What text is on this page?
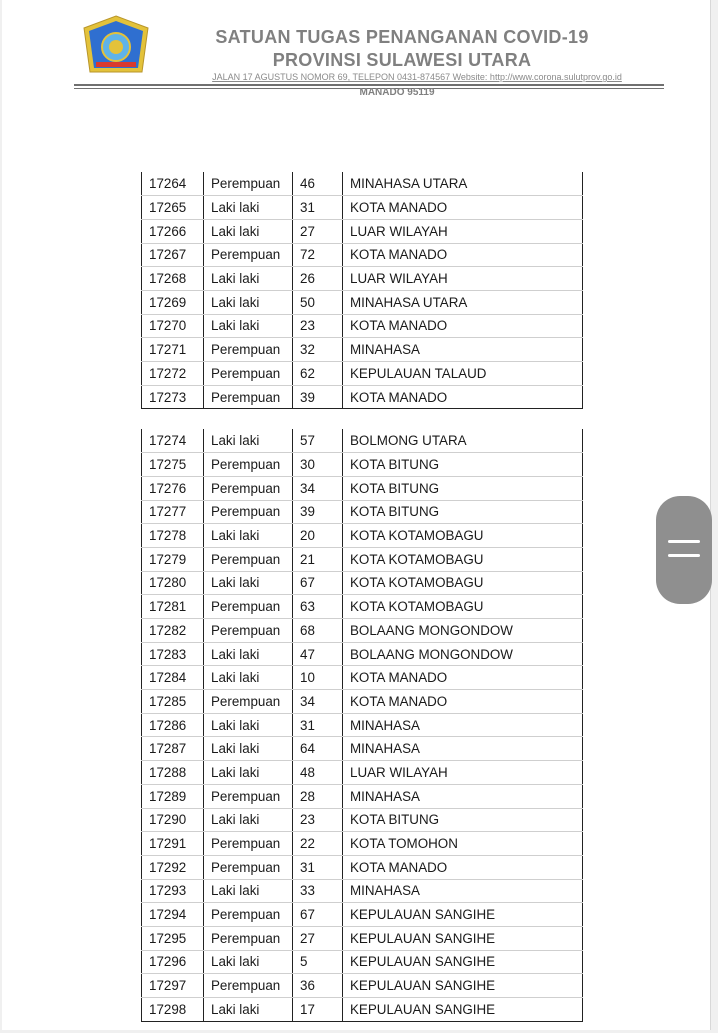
SATUAN TUGAS PENANGANAN COVID-19
PROVINSI SULAWESI UTARA
JALAN 17 AGUSTUS NOMOR 69, TELEPON 0431-874567 Website: http://www.corona.sulutprov.go.id
MANADO 95119
17264	Perempuan	46	MINAHASA UTARA
17265	Laki laki	31	KOTA MANADO
17266	Laki laki	27	LUAR WILAYAH
17267	Perempuan	72	KOTA MANADO
17268	Laki laki	26	LUAR WILAYAH
17269	Laki laki	50	MINAHASA UTARA
17270	Laki laki	23	KOTA MANADO
17271	Perempuan	32	MINAHASA
17272	Perempuan	62	KEPULAUAN TALAUD
17273	Perempuan	39	KOTA MANADO
17274	Laki laki	57	BOLMONG UTARA
17275	Perempuan	30	KOTA BITUNG
17276	Perempuan	34	KOTA BITUNG
17277	Perempuan	39	KOTA BITUNG
17278	Laki laki	20	KOTA KOTAMOBAGU
17279	Perempuan	21	KOTA KOTAMOBAGU
17280	Laki laki	67	KOTA KOTAMOBAGU
17281	Perempuan	63	KOTA KOTAMOBAGU
17282	Perempuan	68	BOLAANG MONGONDOW
17283	Laki laki	47	BOLAANG MONGONDOW
17284	Laki laki	10	KOTA MANADO
17285	Perempuan	34	KOTA MANADO
17286	Laki laki	31	MINAHASA
17287	Laki laki	64	MINAHASA
17288	Laki laki	48	LUAR WILAYAH
17289	Perempuan	28	MINAHASA
17290	Laki laki	23	KOTA BITUNG
17291	Perempuan	22	KOTA TOMOHON
17292	Perempuan	31	KOTA MANADO
17293	Laki laki	33	MINAHASA
17294	Perempuan	67	KEPULAUAN SANGIHE
17295	Perempuan	27	KEPULAUAN SANGIHE
17296	Laki laki	5	KEPULAUAN SANGIHE
17297	Perempuan	36	KEPULAUAN SANGIHE
17298	Laki laki	17	KEPULAUAN SANGIHE
